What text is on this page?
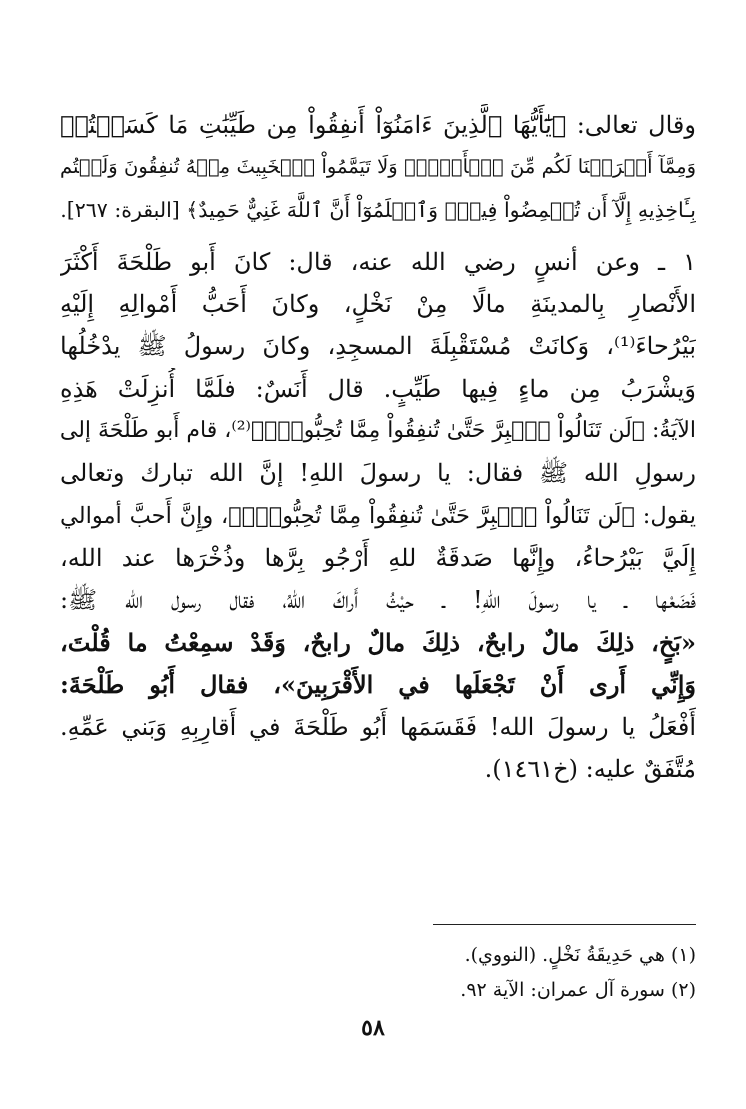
وقال تعالى: ﴿يَٰٓأَيُّهَا ٱلَّذِينَ ءَامَنُوٓاْ أَنفِقُواْ مِن طَيِّبَٰتِ مَا كَسَبۡتُمۡ
وَمِمَّآ أَخۡرَجۡنَا لَكُم مِّنَ ٱلۡأَرۡضِۖ وَلَا تَيَمَّمُواْ ٱلۡخَبِيثَ مِنۡهُ تُنفِقُونَ وَلَسۡتُم
بِـَٔاخِذِيهِ إِلَّآ أَن تُغۡمِضُواْ فِيهِۚ وَٱعۡلَمُوٓاْ أَنَّ ٱللَّهَ غَنِيٌّ حَمِيدٌ﴾ [البقرة: ٢٦٧].
١ ـ وعن أنسٍ رضي الله عنه، قال: كانَ أَبو طَلْحَةَ أَكْثَرَ
الأَنْصارِ بِالمدينَةِ مالًا مِنْ نَخْلٍ، وكانَ أَحَبُّ أَمْوالِهِ إِلَيْهِ
بَيْرُحاءَ⁽¹⁾، وَكانَتْ مُسْتَقْبِلَةَ المسجِدِ، وكانَ رسولُ ﷺ يدْخُلُها
وَيشْرَبُ مِن ماءٍ فِيها طَيِّبٍ. قال أَنَسٌ: فلَمَّا أُنزِلَتْ هَذِهِ
الآيَةُ: ﴿لَن تَنَالُواْ ٱلۡبِرَّ حَتَّىٰ تُنفِقُواْ مِمَّا تُحِبُّونَۚ﴾⁽²⁾، قام أَبو طَلْحَةَ إلى
رسولِ الله ﷺ فقال: يا رسولَ اللهِ! إنَّ الله تبارك وتعالى
يقول: ﴿لَن تَنَالُواْ ٱلۡبِرَّ حَتَّىٰ تُنفِقُواْ مِمَّا تُحِبُّونَۚ﴾، وإِنَّ أَحبَّ أموالي
إِلَيَّ بَيْرُحاءُ، وإِنَّها صَدقَةٌ للهِ أَرْجُو بِرَّها وذُخْرَها عند الله،
فَضَعْها ـ يا رسولَ اللهِ! ـ حيْثُ أَراكَ اللهُ، فقال رسول الله ﷺ:
«بَخٍ، ذلِكَ مالٌ رابحٌ، ذلِكَ مالٌ رابحٌ، وَقَدْ سمِعْتُ ما قُلْتَ،
وَإِنِّي أَرى أَنْ تَجْعَلَها في الأَقْرَبِينَ»، فقال أَبُو طَلْحَةَ:
أَفْعَلُ يا رسولَ الله! فَقَسَمَها أَبُو طَلْحَةَ في أَقارِبِهِ وَبَني عَمِّهِ.
مُتَّفَقٌ عليه: (خ١٤٦١).
(١) هي حَدِيقَةُ نَخْلٍ. (النووي).
(٢) سورة آل عمران: الآية ٩٢.
٥٨
